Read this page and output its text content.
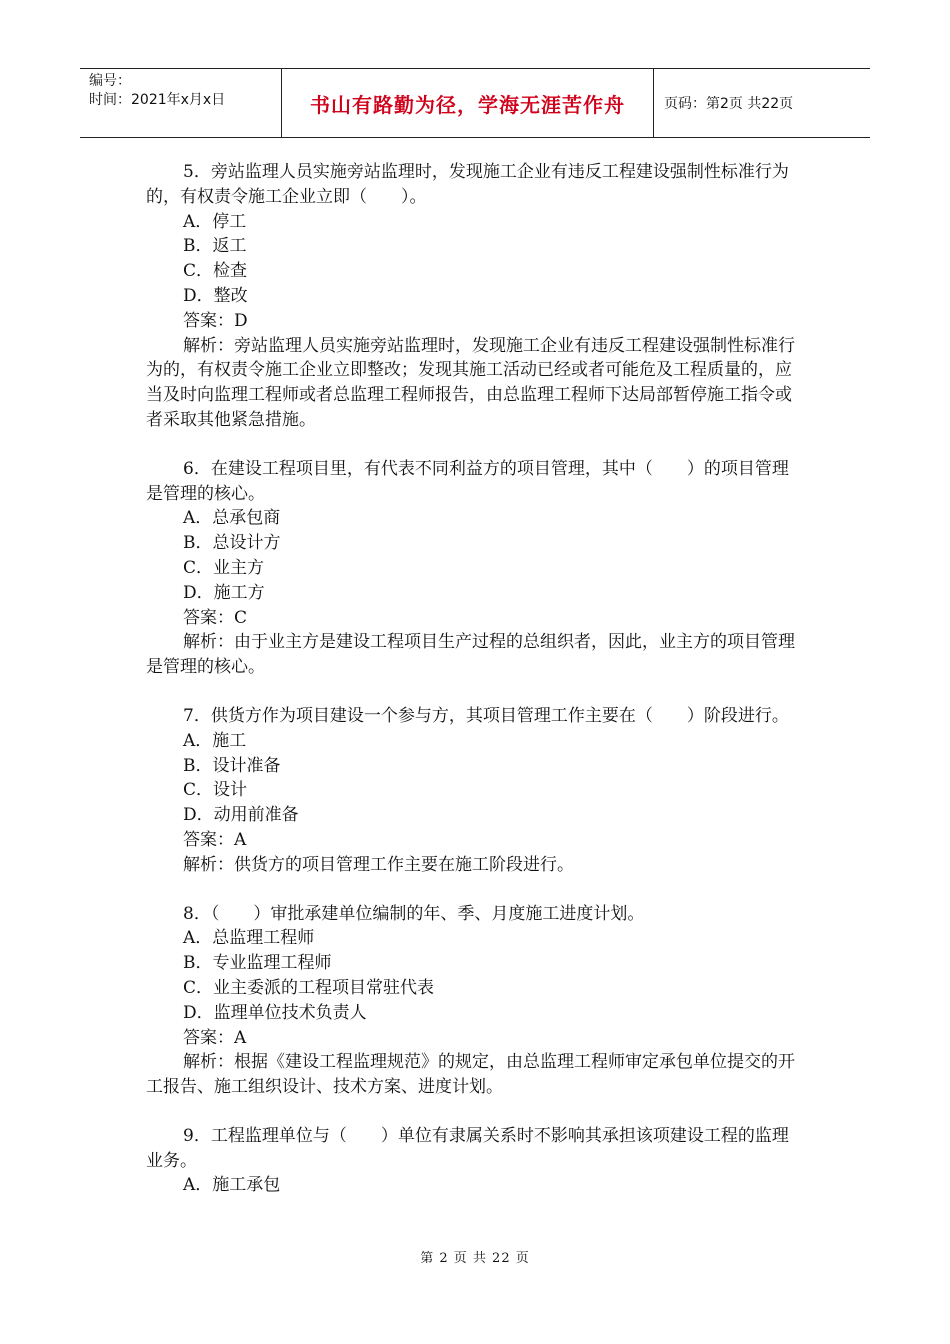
编号：
时间：2021年x月x日	书山有路勤为径，学海无涯苦作舟	页码：第2页 共22页

5．旁站监理人员实施旁站监理时，发现施工企业有违反工程建设强制性标准行为的，有权责令施工企业立即（　　）。

A．停工

B．返工

C．检查

D．整改

答案：D

解析：旁站监理人员实施旁站监理时，发现施工企业有违反工程建设强制性标准行为的，有权责令施工企业立即整改；发现其施工活动已经或者可能危及工程质量的，应当及时向监理工程师或者总监理工程师报告，由总监理工程师下达局部暂停施工指令或者采取其他紧急措施。

6．在建设工程项目里，有代表不同利益方的项目管理，其中（　　）的项目管理是管理的核心。

A．总承包商

B．总设计方

C．业主方

D．施工方

答案：C

解析：由于业主方是建设工程项目生产过程的总组织者，因此，业主方的项目管理是管理的核心。

7．供货方作为项目建设一个参与方，其项目管理工作主要在（　　）阶段进行。

A．施工

B．设计准备

C．设计

D．动用前准备

答案：A

解析：供货方的项目管理工作主要在施工阶段进行。

8．（　　）审批承建单位编制的年、季、月度施工进度计划。

A．总监理工程师

B．专业监理工程师

C．业主委派的工程项目常驻代表

D．监理单位技术负责人

答案：A

解析：根据《建设工程监理规范》的规定，由总监理工程师审定承包单位提交的开工报告、施工组织设计、技术方案、进度计划。

9．工程监理单位与（　　）单位有隶属关系时不影响其承担该项建设工程的监理业务。

A．施工承包

第 2 页 共 22 页
